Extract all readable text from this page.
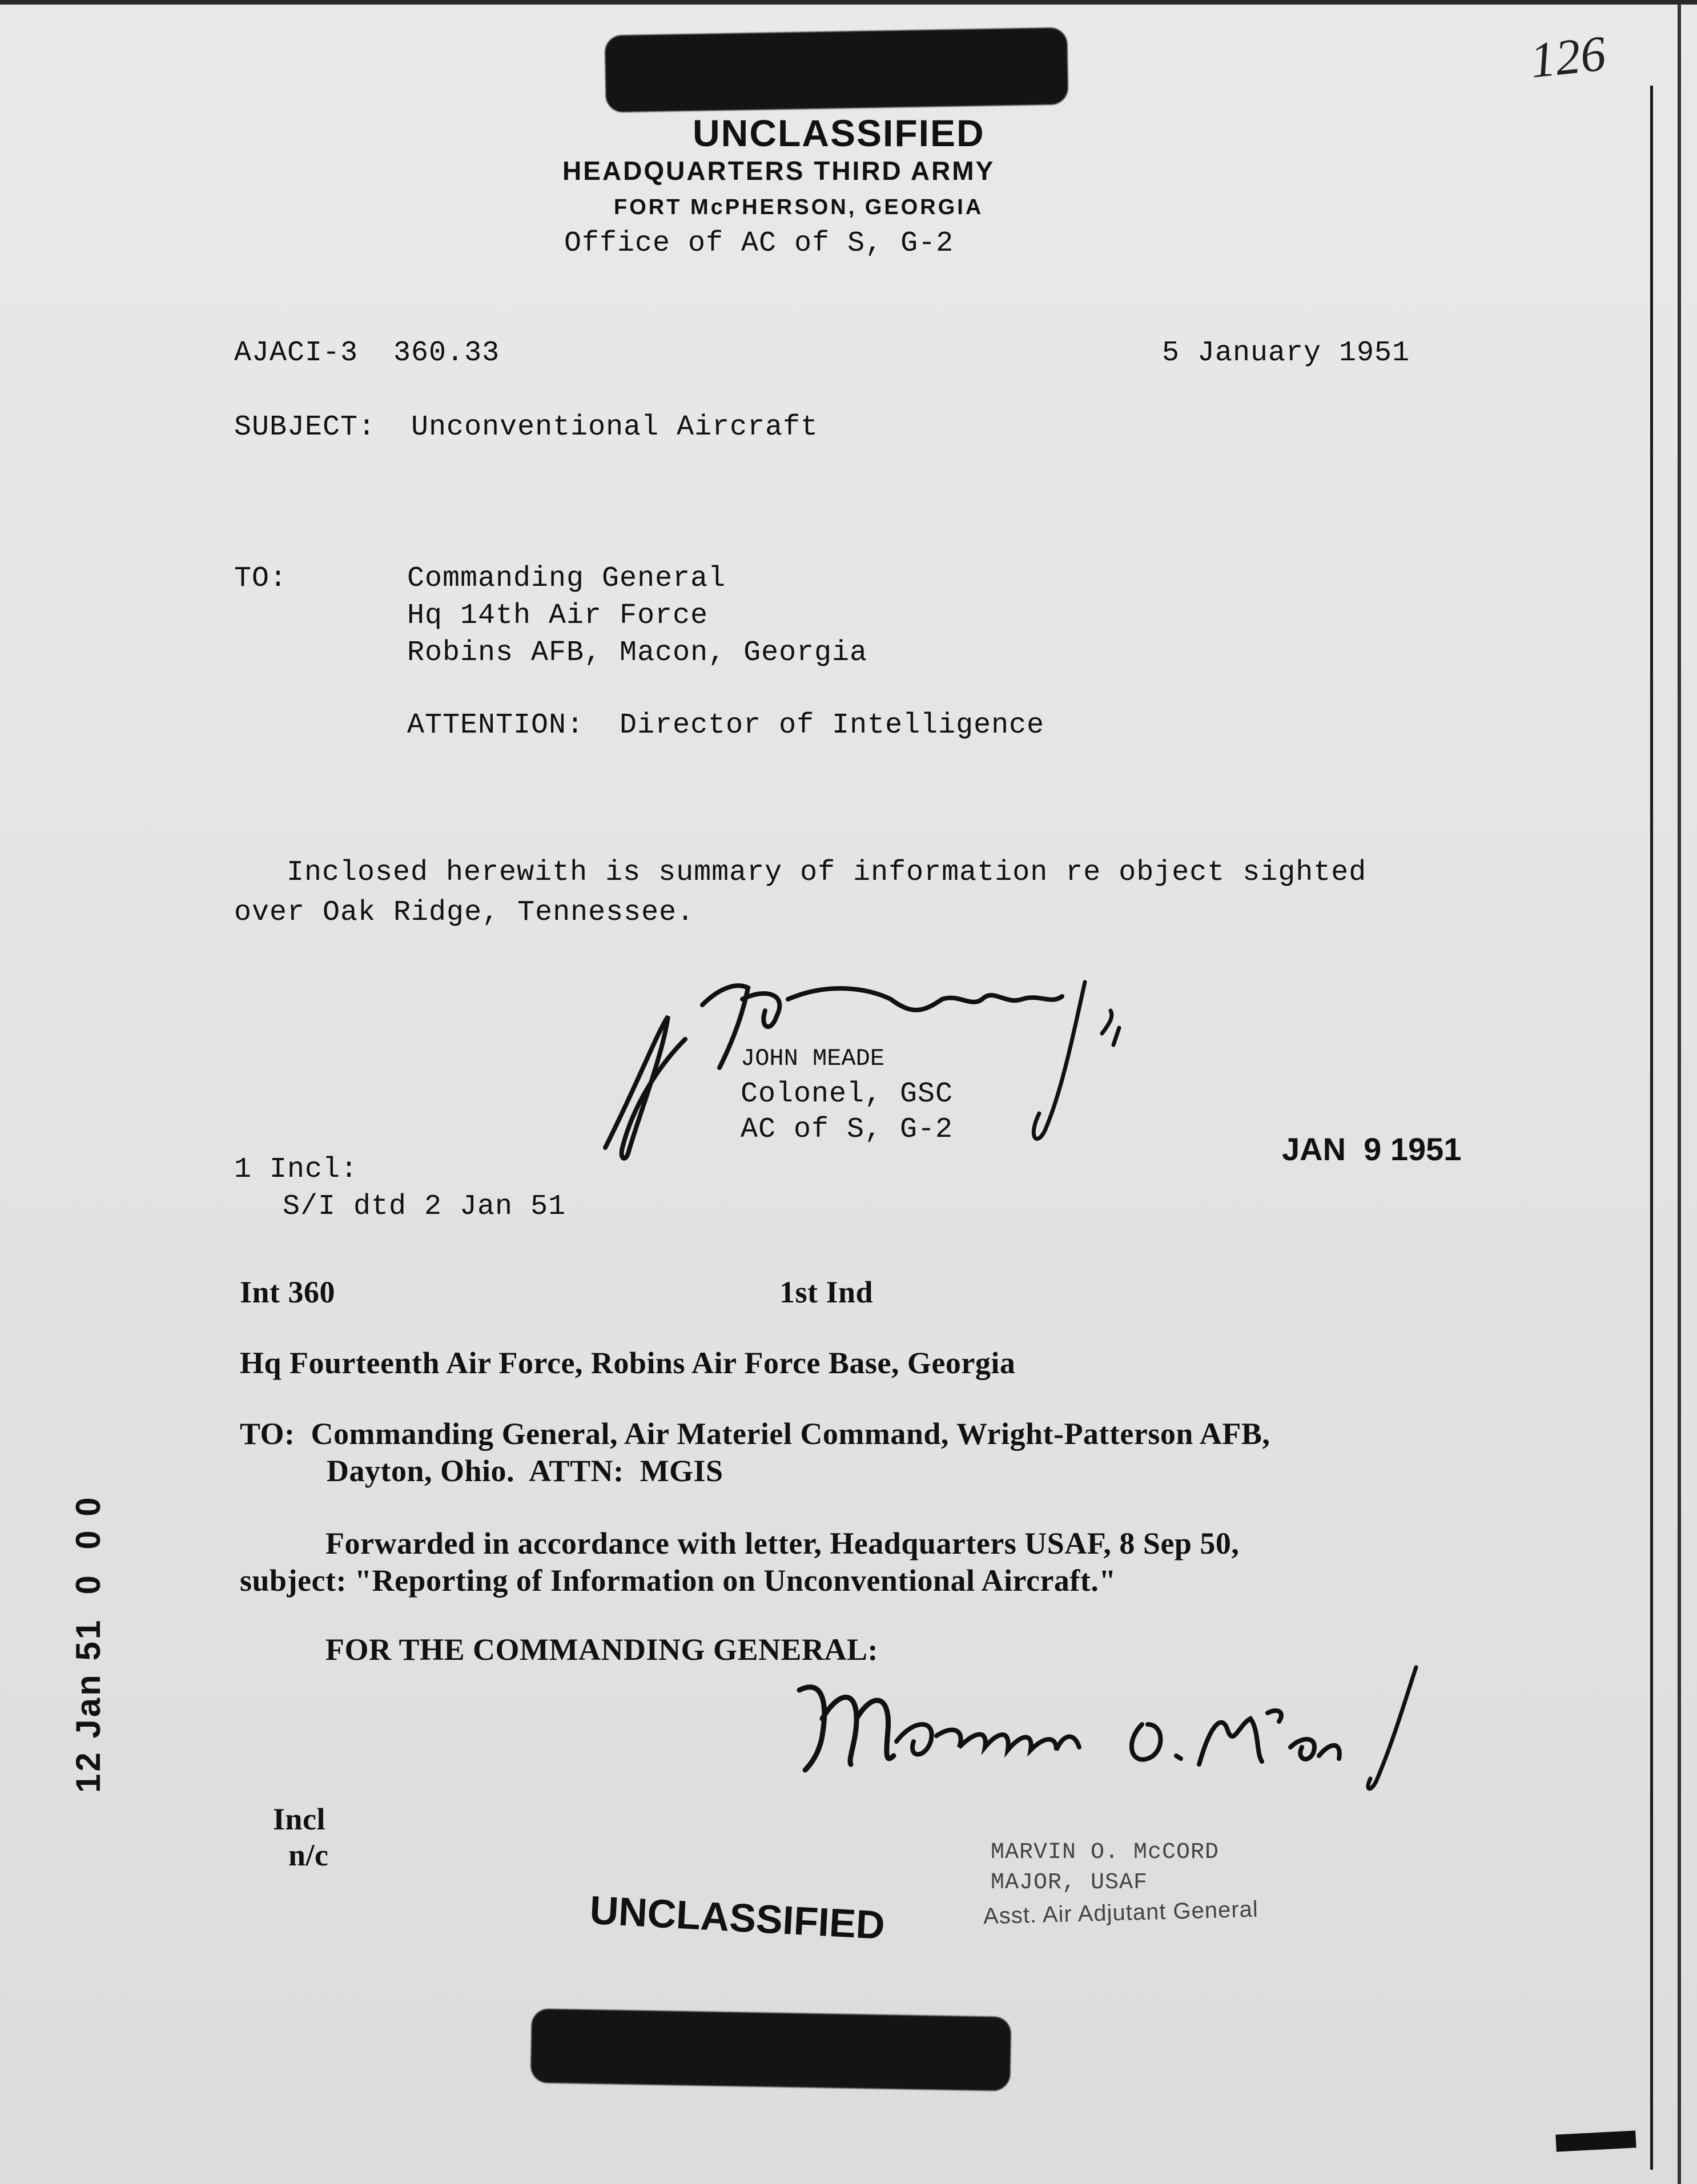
126
UNCLASSIFIED
HEADQUARTERS THIRD ARMY
FORT McPHERSON, GEORGIA
Office of AC of S, G-2
AJACI-3  360.33	5 January 1951
SUBJECT:  Unconventional Aircraft
TO:	Commanding General
Hq 14th Air Force
Robins AFB, Macon, Georgia
ATTENTION:  Director of Intelligence
Inclosed herewith is summary of information re object sighted
over Oak Ridge, Tennessee.
JOHN MEADE
Colonel, GSC
AC of S, G-2
JAN  9 1951
1 Incl:
S/I dtd 2 Jan 51
Int 360	1st Ind
Hq Fourteenth Air Force, Robins Air Force Base, Georgia
TO:  Commanding General, Air Materiel Command, Wright-Patterson AFB,
Dayton, Ohio.  ATTN:  MGIS
Forwarded in accordance with letter, Headquarters USAF, 8 Sep 50,
subject: "Reporting of Information on Unconventional Aircraft."
FOR THE COMMANDING GENERAL:
12 Jan 51  0  0 0
Incl
n/c	MARVIN O. McCORD
MAJOR, USAF
Asst. Air Adjutant General
UNCLASSIFIED
